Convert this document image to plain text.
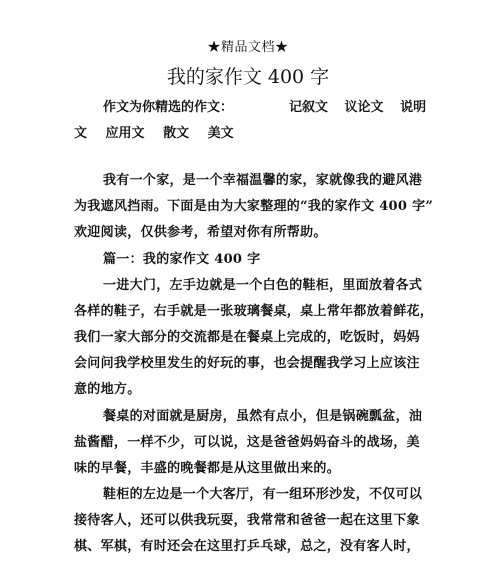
★精品文档★
我的家作文 400 字
作文为你精选的作文：	记叙文 议论文 说明
文 应用文 散文 美文
我有一个家，是一个幸福温馨的家，家就像我的避风港
为我遮风挡雨。下面是由为大家整理的“我的家作文 400 字”
欢迎阅读，仅供参考，希望对你有所帮助。
篇一：我的家作文 400 字
一进大门，左手边就是一个白色的鞋柜，里面放着各式
各样的鞋子，右手就是一张玻璃餐桌，桌上常年都放着鲜花，
我们一家大部分的交流都是在餐桌上完成的，吃饭时，妈妈
会问问我学校里发生的好玩的事，也会提醒我学习上应该注
意的地方。
餐桌的对面就是厨房，虽然有点小，但是锅碗瓢盆，油
盐酱醋，一样不少，可以说，这是爸爸妈妈奋斗的战场，美
味的早餐，丰盛的晚餐都是从这里做出来的。
鞋柜的左边是一个大客厅，有一组环形沙发，不仅可以
接待客人，还可以供我玩耍，我常常和爸爸一起在这里下象
棋、军棋，有时还会在这里打乒乓球，总之，没有客人时，
